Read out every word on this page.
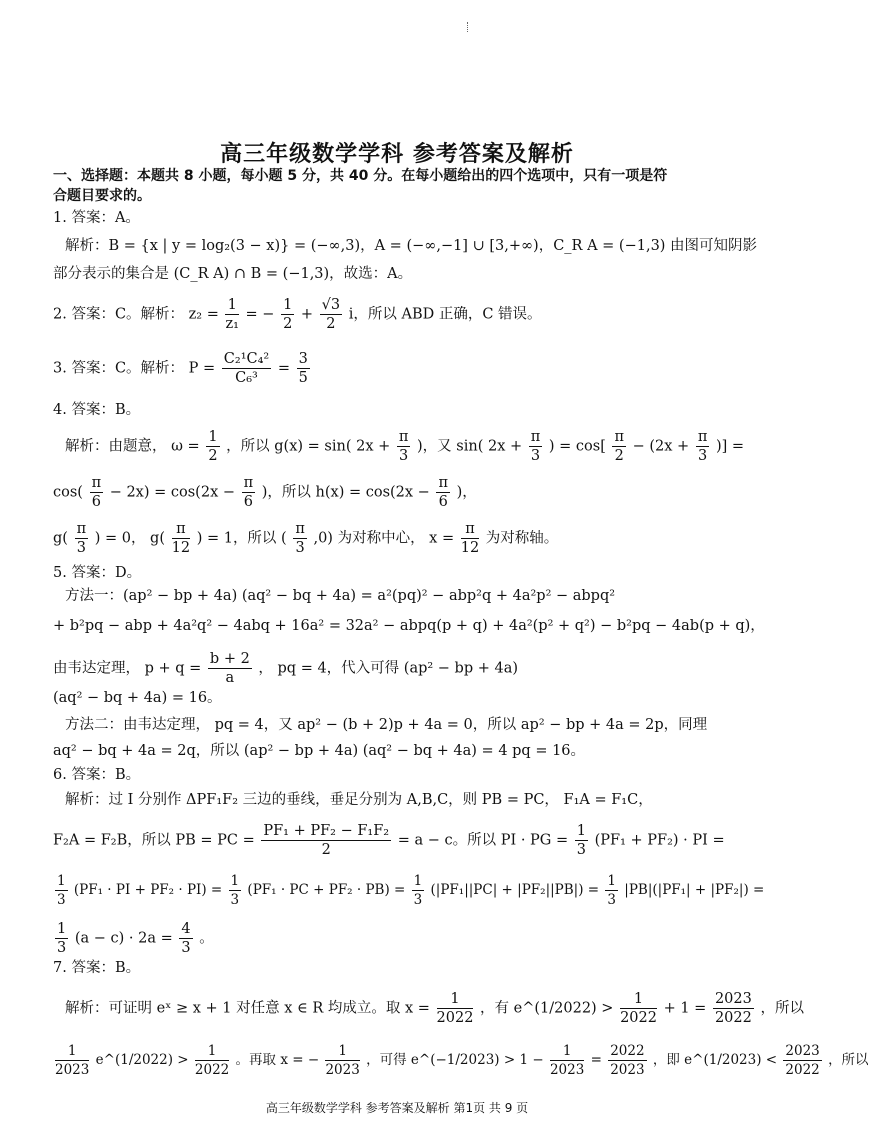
高三年级数学学科 参考答案及解析
一、选择题：本题共 8 小题，每小题 5 分，共 40 分。在每小题给出的四个选项中，只有一项是符
合题目要求的。
1. 答案：A。
解析：B = {x | y = log₂(3 − x)} = (−∞,3)，A = (−∞,−1] ∪ [3,+∞)，C_R A = (−1,3) 由图可知阴影
部分表示的集合是 (C_R A) ∩ B = (−1,3)，故选：A。
2. 答案：C。解析： $z_2 = \frac{1}{\text{z₁}}$ = − $\frac{1}{2} + \frac{√3}{2}$ i，所以 ABD 正确，C 错误。
3. 答案：C。解析： $P = \frac{\text{C₂¹C₄²}}{\text{C₆³}} = \frac{3}{5}$
4. 答案：B。
解析：由题意， $\omega = \frac{1}{2}$ ，所以 g(x) = sin( $2x + \frac{\pi}{3}$ )，又 sin( $2x + \frac{\pi}{3}$ ) = $\cos[ \frac{\pi}{2} - (2x + \frac{\pi}{3}$ )] =
$\cos( \frac{\pi}{6} - 2x) = \cos(2x - \frac{\pi}{6}$ )，所以 $h(x) = \cos(2x - \frac{\pi}{6}$ )，
$g( \frac{\pi}{3}$ ) = 0， $g( \frac{\pi}{12}$ ) = 1，所以 ( $\frac{\pi}{3} ,0$) 为对称中心， $x = \frac{\pi}{12}$ 为对称轴。
5. 答案：D。
方法一：(ap² − bp + 4a) (aq² − bq + 4a) = a²(pq)² − abp²q + 4a²p² − abpq²
+ b²pq − abp + 4a²q² − 4abq + 16a² = 32a² − abpq(p + q) + 4a²(p² + q²) − b²pq − 4ab(p + q)，
由韦达定理， $p + q = \frac{b + 2}{a}$ ， pq = 4，代入可得 (ap² − bp + 4a)
(aq² − bq + 4a) = 16。
方法二：由韦达定理， pq = 4，又 ap² − (b + 2)p + 4a = 0，所以 ap² − bp + 4a = 2p，同理
aq² − bq + 4a = 2q，所以 (ap² − bp + 4a) (aq² − bq + 4a) = 4 pq = 16。
6. 答案：B。
解析：过 I 分别作 ΔPF₁F₂ 三边的垂线，垂足分别为 A,B,C，则 PB = PC， F₁A = F₁C，
F₂A = F₂B，所以 PB = PC = $\frac{\text{PF₁ + PF₂ − F₁F₂}}{2} = a - c$。所以 PI · PG = $\frac{1}{3} (PF_1 + PF_2)$ · PI =
$\frac{1}{3} (PF_1$ · PI + $PF_2 \cdot PI) = \frac{1}{3} (PF_1$ · PC + $PF_2 \cdot PB) = \frac{1}{3} (|PF_1||PC| + |PF_2||PB|) = \frac{1}{3} |PB|(|PF_1| + |PF_2|)$ =
$\frac{1}{3} (a - c) \cdot 2a = \frac{4}{3}$ 。
7. 答案：B。
解析：可证明 eˣ ≥ x + 1 对任意 x ∈ R 均成立。取 $x = \frac{1}{2022}$ ，有 e^(1/2022) > $\frac{1}{2022} + 1 = \frac{2023}{2022}$ ，所以
$\frac{1}{2023}$ e^(1/2022) > $\frac{1}{2022}$ 。再取 x = − $\frac{1}{2023}$ ，可得 e^(−1/2023) > $1 - \frac{1}{2023} = \frac{2022}{2023}$ ，即 e^(1/2023) < $\frac{2023}{2022}$ ，所以
高三年级数学学科 参考答案及解析 第1页 共 9 页
